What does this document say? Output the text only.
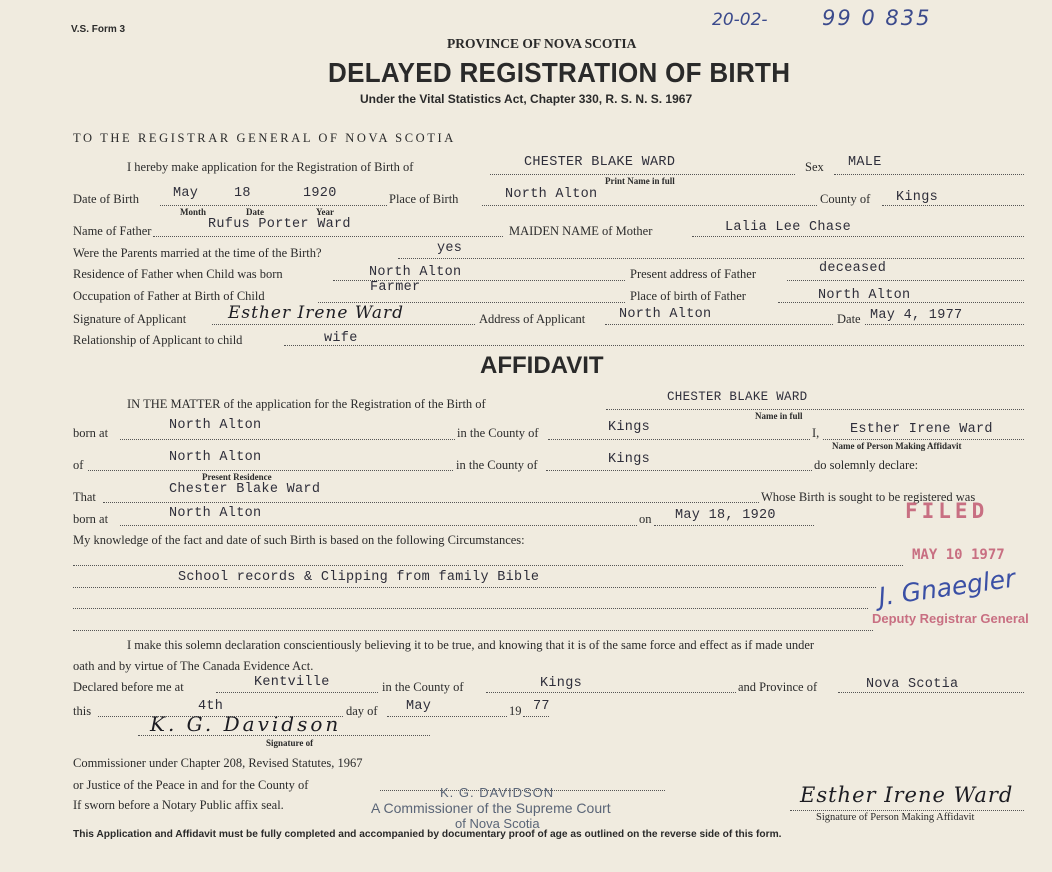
V.S. Form 3	20-02-	99 0 835
PROVINCE OF NOVA SCOTIA
DELAYED REGISTRATION OF BIRTH
Under the Vital Statistics Act, Chapter 330, R. S. N. S. 1967
TO THE REGISTRAR GENERAL OF NOVA SCOTIA
I hereby make application for the Registration of Birth of	CHESTER BLAKE WARD
Print Name in full
Sex MALE
Date of Birth	May	18	1920
Month	Date	Year
Place of Birth	North Alton	County of Kings
Name of Father	Rufus Porter Ward	MAIDEN NAME of Mother	Lalia Lee Chase
Were the Parents married at the time of the Birth?	yes
Residence of Father when Child was born	North Alton	Present address of Father	deceased
Occupation of Father at Birth of Child
Farmer
Place of birth of Father	North Alton
Signature of Applicant Esther Irene Ward	Address of Applicant	North Alton	Date May 4, 1977
Relationship of Applicant to child	wife
AFFIDAVIT
IN THE MATTER of the application for the Registration of the Birth of	CHESTER BLAKE WARD
Name in full
born at	North Alton	in the County of	Kings	I, Esther Irene Ward
Name of Person Making Affidavit
of	North Alton
Present Residence
in the County of	Kings	do solemnly declare:
That	Chester Blake Ward	Whose Birth is sought to be registered was
born at	North Alton	on May 18, 1920
My knowledge of the fact and date of such Birth is based on the following Circumstances:
School records & Clipping from family Bible
FILED
MAY 10 1977
J. Gnaegler
Deputy Registrar General
I make this solemn declaration conscientiously believing it to be true, and knowing that it is of the same force and effect as if made under
oath and by virtue of The Canada Evidence Act.
Declared before me at	Kentville	in the County of	Kings	and Province of	Nova Scotia
this	4th	day of May	19 77
K. G. Davidson
Signature of
Commissioner under Chapter 208, Revised Statutes, 1967
or Justice of the Peace in and for the County of
If sworn before a Notary Public affix seal.
K. G. DAVIDSON
A Commissioner of the Supreme Court
of Nova Scotia
Esther Irene Ward
Signature of Person Making Affidavit
This Application and Affidavit must be fully completed and accompanied by documentary proof of age as outlined on the reverse side of this form.
